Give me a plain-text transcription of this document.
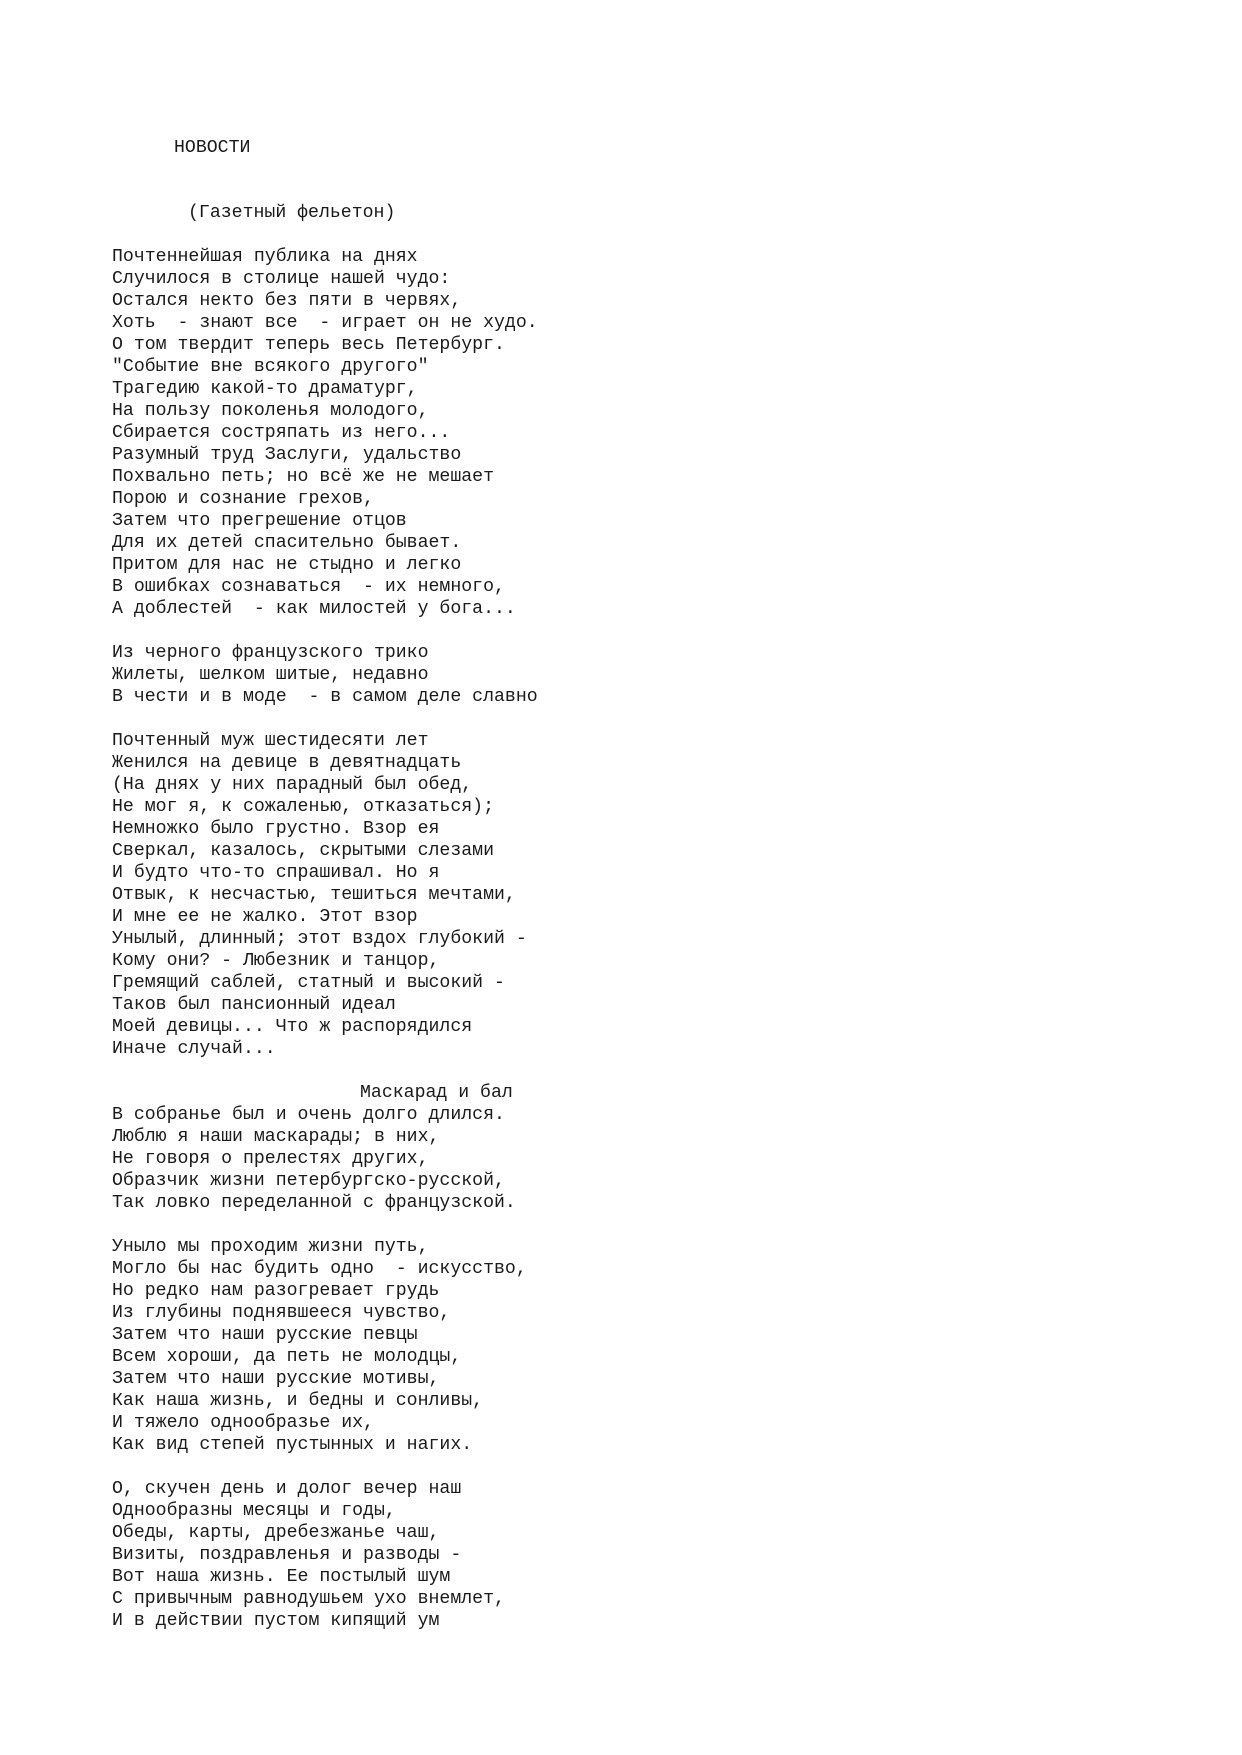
НОВОСТИ

(Газетный фельетон)

Почтеннейшая публика на днях

Случилося в столице нашей чудо:

Остался некто без пяти в червях,

Хоть  - знают все  - играет он не худо.

О том твердит теперь весь Петербург.

"Событие вне всякого другого"

Трагедию какой-то драматург,

На пользу поколенья молодого,

Сбирается состряпать из него...

Разумный труд Заслуги, удальство

Похвально петь; но всё же не мешает

Порою и сознание грехов,

Затем что прегрешение отцов

Для их детей спасительно бывает.

Притом для нас не стыдно и легко

В ошибках сознаваться  - их немного,

А доблестей  - как милостей у бога...

Из черного французского трико

Жилеты, шелком шитые, недавно

В чести и в моде  - в самом деле славно

Почтенный муж шестидесяти лет

Женился на девице в девятнадцать

(На днях у них парадный был обед,

Не мог я, к сожаленью, отказаться);

Немножко было грустно. Взор ея

Сверкал, казалось, скрытыми слезами

И будто что-то спрашивал. Но я

Отвык, к несчастью, тешиться мечтами,

И мне ее не жалко. Этот взор

Унылый, длинный; этот вздох глубокий -

Кому они? - Любезник и танцор,

Гремящий саблей, статный и высокий -

Таков был пансионный идеал

Моей девицы... Что ж распорядился

Иначе случай...

Маскарад и бал

В собранье был и очень долго длился.

Люблю я наши маскарады; в них,

Не говоря о прелестях других,

Образчик жизни петербургско-русской,

Так ловко переделанной с французской.

Уныло мы проходим жизни путь,

Могло бы нас будить одно  - искусство,

Но редко нам разогревает грудь

Из глубины поднявшееся чувство,

Затем что наши русские певцы

Всем хороши, да петь не молодцы,

Затем что наши русские мотивы,

Как наша жизнь, и бедны и сонливы,

И тяжело однообразье их,

Как вид степей пустынных и нагих.

О, скучен день и долог вечер наш

Однообразны месяцы и годы,

Обеды, карты, дребезжанье чаш,

Визиты, поздравленья и разводы -

Вот наша жизнь. Ее постылый шум

С привычным равнодушьем ухо внемлет,

И в действии пустом кипящий ум
